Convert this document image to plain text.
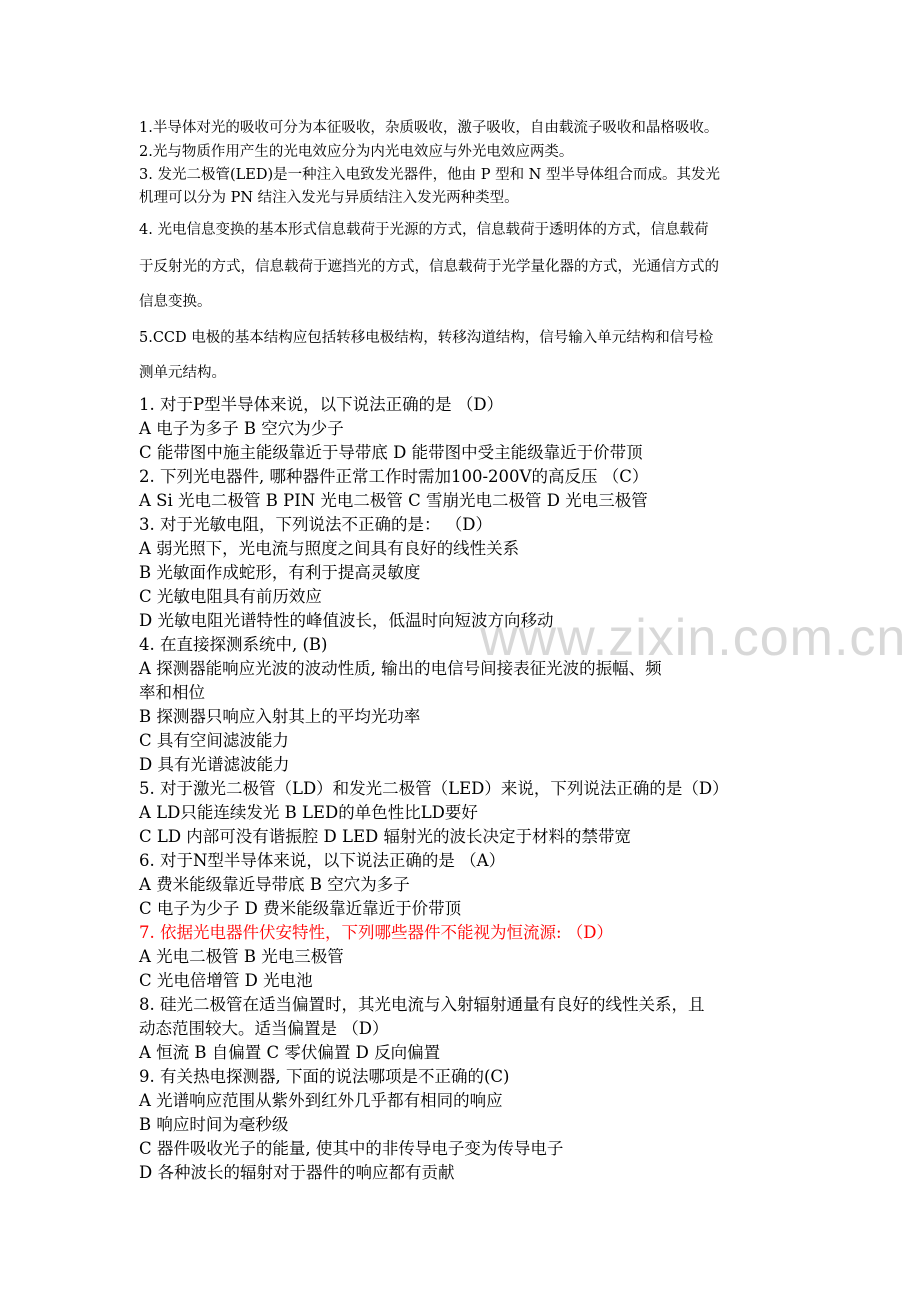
www.zixin.com.cn
1.半导体对光的吸收可分为本征吸收，杂质吸收，激子吸收，自由载流子吸收和晶格吸收。
2.光与物质作用产生的光电效应分为内光电效应与外光电效应两类。
3. 发光二极管(LED)是一种注入电致发光器件，他由 P 型和 N 型半导体组合而成。其发光
机理可以分为 PN 结注入发光与异质结注入发光两种类型。
4. 光电信息变换的基本形式信息载荷于光源的方式，信息载荷于透明体的方式，信息载荷
于反射光的方式，信息载荷于遮挡光的方式，信息载荷于光学量化器的方式，光通信方式的
信息变换。
5.CCD 电极的基本结构应包括转移电极结构，转移沟道结构，信号输入单元结构和信号检
测单元结构。
1. 对于P型半导体来说，以下说法正确的是 （D）
A 电子为多子 B 空穴为少子
C 能带图中施主能级靠近于导带底 D 能带图中受主能级靠近于价带顶
2. 下列光电器件, 哪种器件正常工作时需加100-200V的高反压 （C）
A Si 光电二极管 B PIN 光电二极管 C 雪崩光电二极管 D 光电三极管
3. 对于光敏电阻，下列说法不正确的是： （D）
A 弱光照下，光电流与照度之间具有良好的线性关系
B 光敏面作成蛇形，有利于提高灵敏度
C 光敏电阻具有前历效应
D 光敏电阻光谱特性的峰值波长，低温时向短波方向移动
4. 在直接探测系统中, (B)
A 探测器能响应光波的波动性质, 输出的电信号间接表征光波的振幅、频
率和相位
B 探测器只响应入射其上的平均光功率
C 具有空间滤波能力
D 具有光谱滤波能力
5. 对于激光二极管（LD）和发光二极管（LED）来说，下列说法正确的是（D）
A LD只能连续发光 B LED的单色性比LD要好
C LD 内部可没有谐振腔 D LED 辐射光的波长决定于材料的禁带宽
6. 对于N型半导体来说，以下说法正确的是 （A）
A 费米能级靠近导带底 B 空穴为多子
C 电子为少子 D 费米能级靠近靠近于价带顶
7. 依据光电器件伏安特性，下列哪些器件不能视为恒流源: （D）
A 光电二极管 B 光电三极管
C 光电倍增管 D 光电池
8. 硅光二极管在适当偏置时，其光电流与入射辐射通量有良好的线性关系，且
动态范围较大。适当偏置是 （D）
A 恒流 B 自偏置 C 零伏偏置 D 反向偏置
9. 有关热电探测器, 下面的说法哪项是不正确的(C)
A 光谱响应范围从紫外到红外几乎都有相同的响应
B 响应时间为毫秒级
C 器件吸收光子的能量, 使其中的非传导电子变为传导电子
D 各种波长的辐射对于器件的响应都有贡献
